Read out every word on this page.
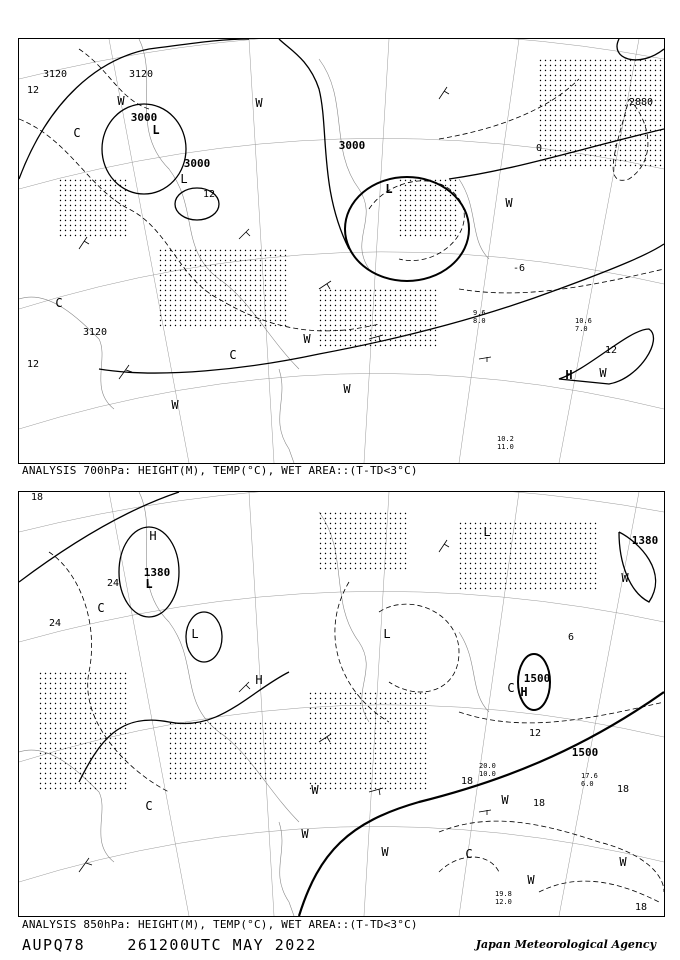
3000
3000
3000
3120	3120
3120
2880
12
12
12
0
-6
12
L
L
L
H
C
C
C
W	W
W
W
W
W
W
10.2
11.0
10.6
7.0
9.6
8.0
ANALYSIS 700hPa: HEIGHT(M), TEMP(°C), WET AREA::(T-TD<3°C)
1380
1380
1500
1500
24
24
18
18
18
18
18
12
6
H
H
H
L
L
L
L
C
C
C
C
W
W
W
W
W
W
W
19.8
12.0
17.6
6.0
20.0
10.0
ANALYSIS 850hPa: HEIGHT(M), TEMP(°C), WET AREA::(T-TD<3°C)
AUPQ78	261200UTC MAY 2022	Japan Meteorological Agency
